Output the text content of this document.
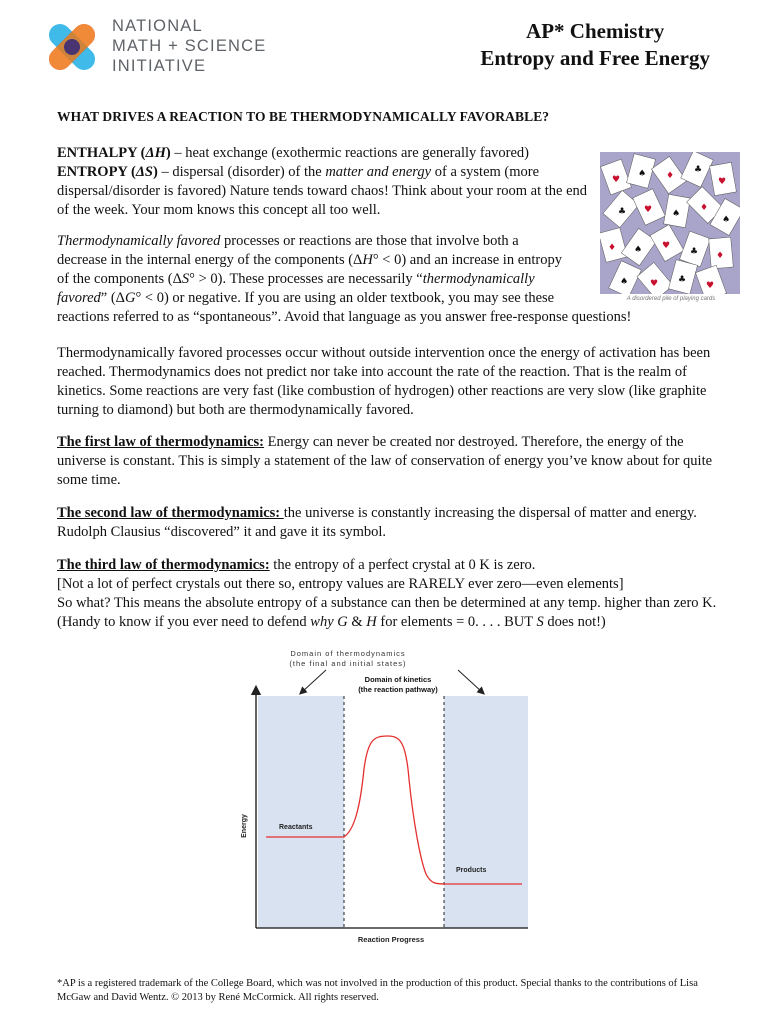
NATIONAL
MATH + SCIENCE
INITIATIVE
AP* Chemistry
Entropy and Free Energy
WHAT DRIVES A REACTION TO BE THERMODYNAMICALLY FAVORABLE?
ENTHALPY (ΔH) – heat exchange (exothermic reactions are generally favored)
ENTROPY (ΔS) – dispersal (disorder) of the matter and energy of a system (more dispersal/disorder is favored) Nature tends toward chaos! Think about your room at the end of the week. Your mom knows this concept all too well.
♥
♠ ♦
♣
♥
♣ ♥ ♠
♦
♠
♦ ♠ ♥
♣ ♦
♠ ♥ ♣
♥
A disordered pile of playing cards
Thermodynamically favored processes or reactions are those that involve both a
decrease in the internal energy of the components (ΔH° < 0) and an increase in entropy
of the components (ΔS° > 0). These processes are necessarily “thermodynamically
favored” (ΔG° < 0) or negative. If you are using an older textbook, you may see these
reactions referred to as “spontaneous”. Avoid that language as you answer free-response questions!
Thermodynamically favored processes occur without outside intervention once the energy of activation has been reached. Thermodynamics does not predict nor take into account the rate of the reaction. That is the realm of kinetics. Some reactions are very fast (like combustion of hydrogen) other reactions are very slow (like graphite turning to diamond) but both are thermodynamically favored.
The first law of thermodynamics: Energy can never be created nor destroyed. Therefore, the energy of the universe is constant. This is simply a statement of the law of conservation of energy you’ve know about for quite some time.
The second law of thermodynamics: the universe is constantly increasing the dispersal of matter and energy. Rudolph Clausius “discovered” it and gave it its symbol.
The third law of thermodynamics: the entropy of a perfect crystal at 0 K is zero.
[Not a lot of perfect crystals out there so, entropy values are RARELY ever zero—even elements]
So what? This means the absolute entropy of a substance can then be determined at any temp. higher than zero K. (Handy to know if you ever need to defend why G & H for elements = 0. . . . BUT S does not!)
Domain of thermodynamics
(the final and initial states)
Domain of kinetics
(the reaction pathway)
Reactants
Products
Energy
Reaction Progress
*AP is a registered trademark of the College Board, which was not involved in the production of this product. Special thanks to the contributions of Lisa McGaw and David Wentz. © 2013 by René McCormick. All rights reserved.
